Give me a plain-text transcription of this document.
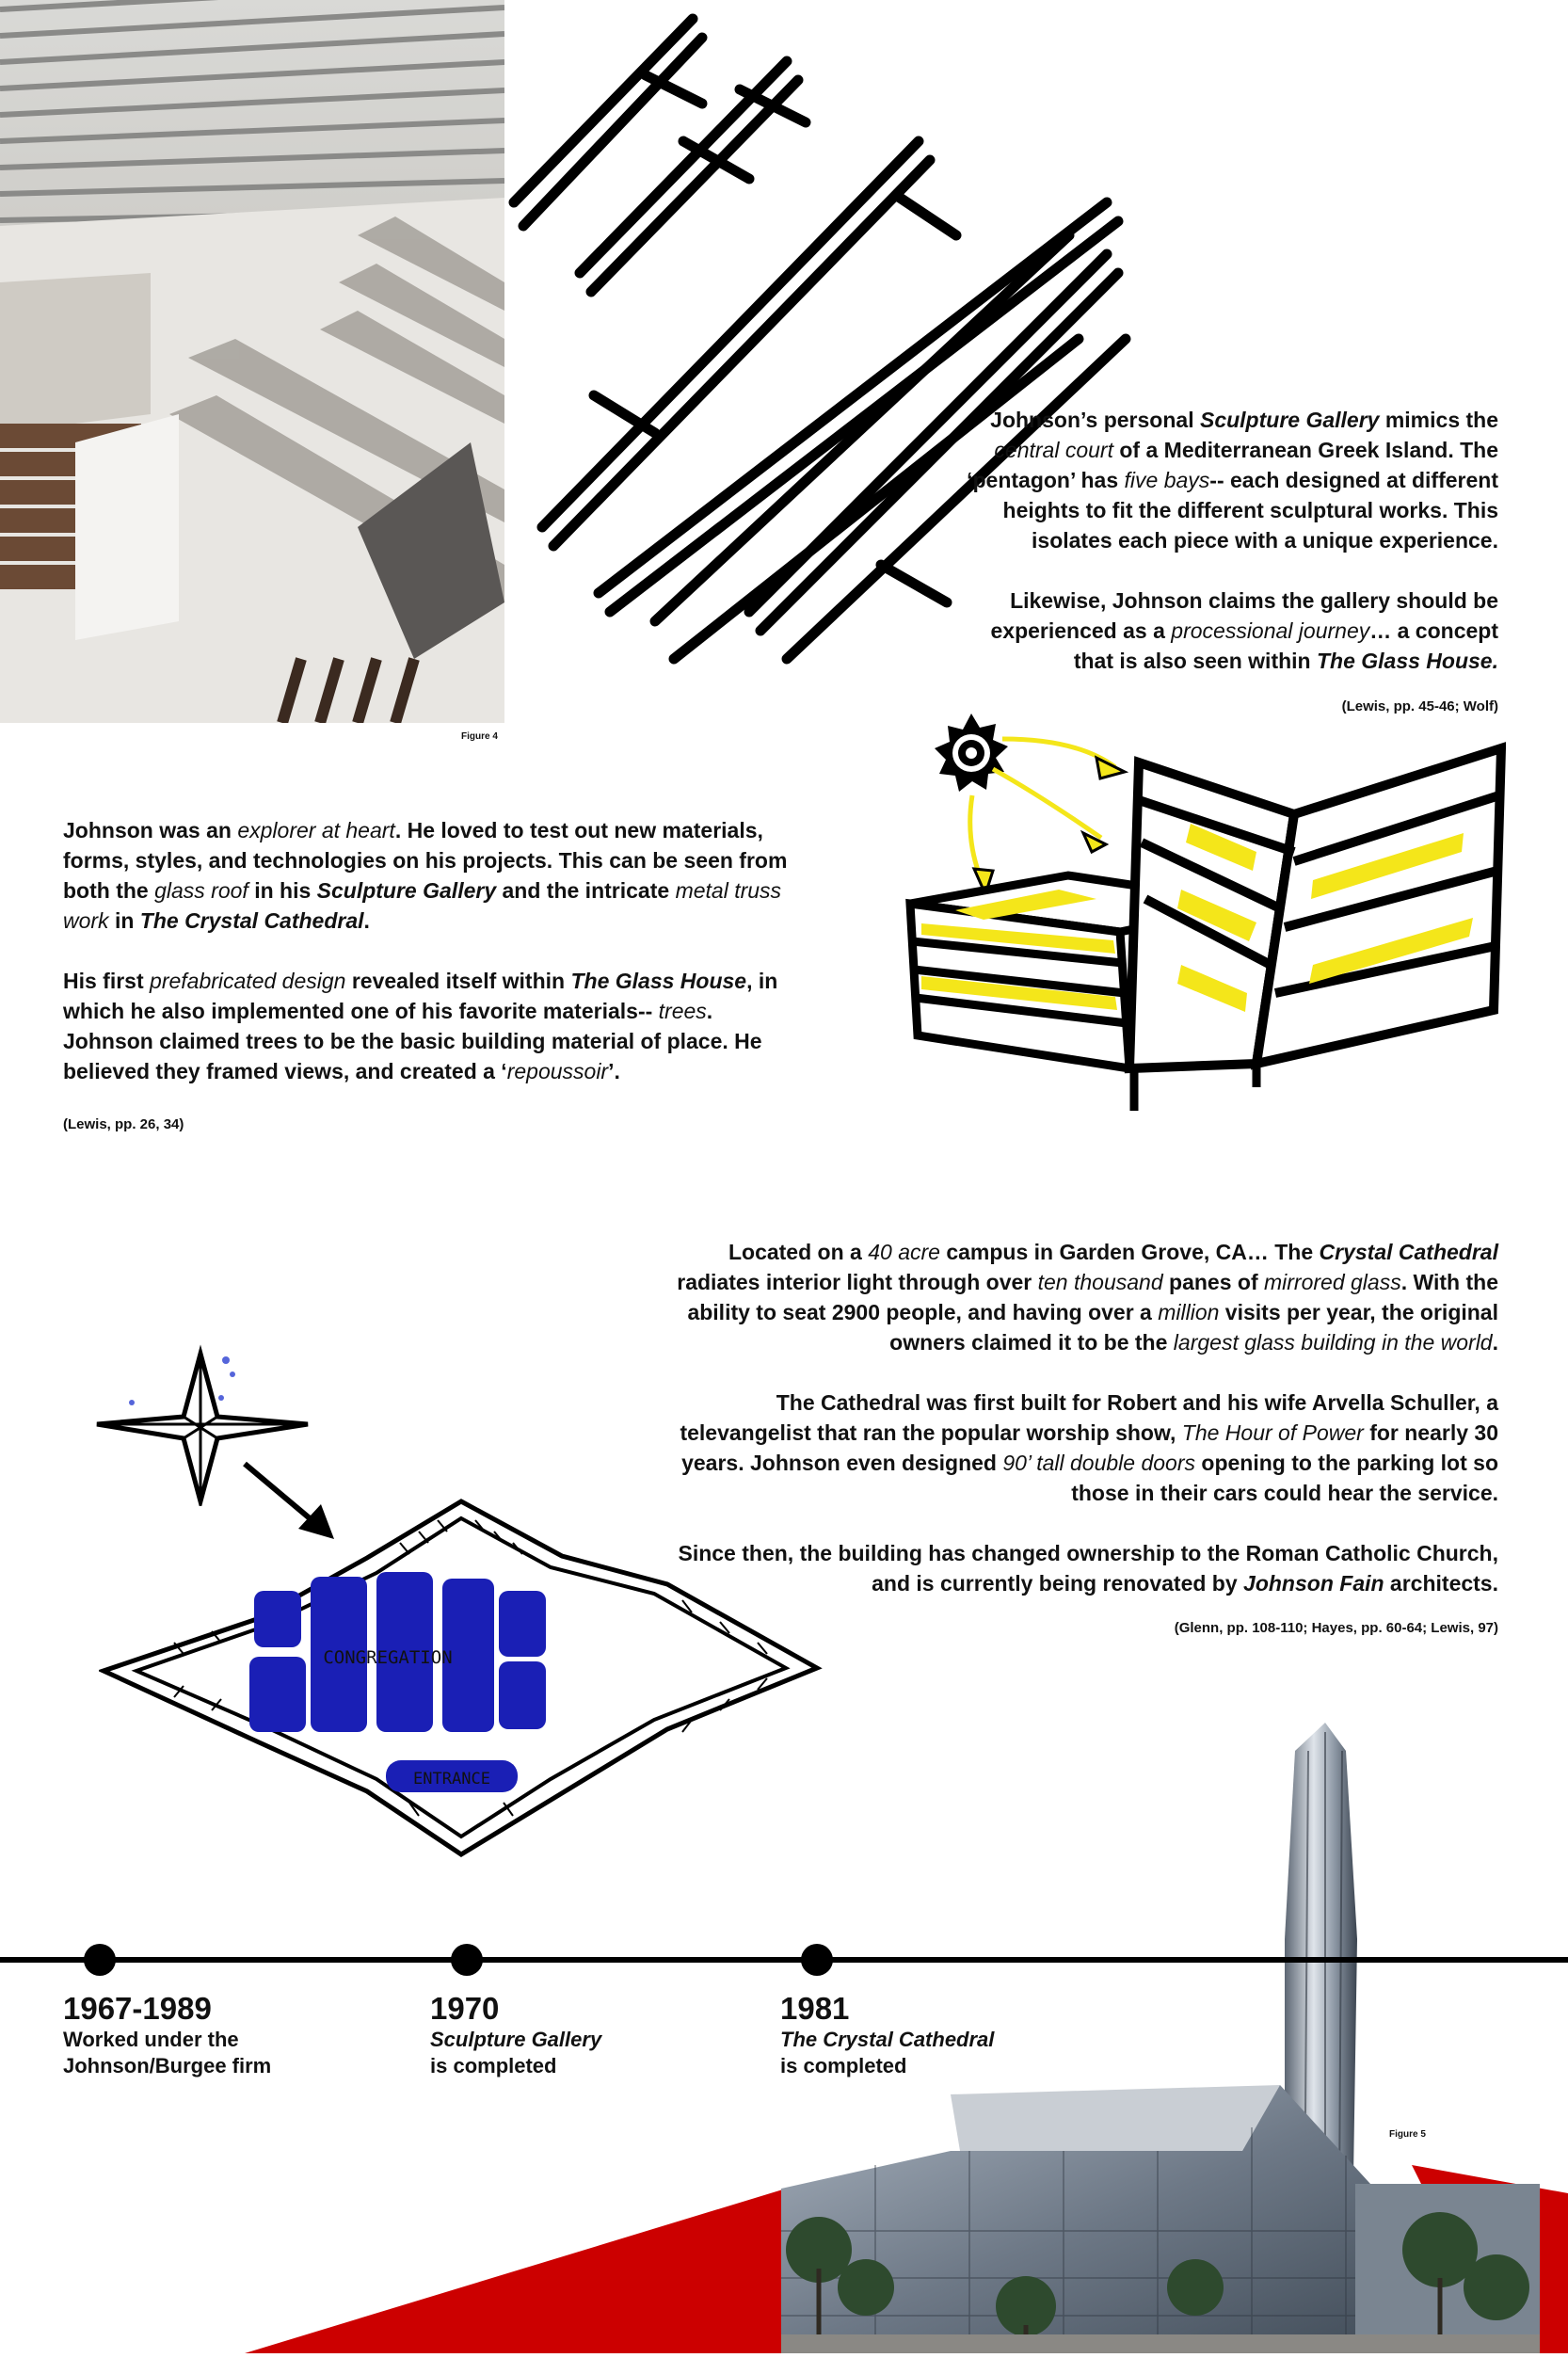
Figure 4

Johnson’s personal Sculpture Gallery mimics the
central court of a Mediterranean Greek Island. The
‘pentagon’ has five bays-- each designed at different
heights to fit the different sculptural works. This
isolates each piece with a unique experience.

Likewise, Johnson claims the gallery should be
experienced as a processional journey… a concept
that is also seen within The Glass House.

(Lewis, pp. 45-46; Wolf)

Johnson was an explorer at heart. He loved to test out new materials,
forms, styles, and technologies on his projects. This can be seen from
both the glass roof in his Sculpture Gallery and the intricate metal truss
work in The Crystal Cathedral.

His first prefabricated design revealed itself within The Glass House, in
which he also implemented one of his favorite materials-- trees.
Johnson claimed trees to be the basic building material of place. He
believed they framed views, and created a ‘repoussoir’.

(Lewis, pp. 26, 34)

Located on a 40 acre campus in Garden Grove, CA… The Crystal Cathedral
radiates interior light through over ten thousand panes of mirrored glass. With the
ability to seat 2900 people, and having over a million visits per year, the original
owners claimed it to be the largest glass building in the world.

The Cathedral was first built for Robert and his wife Arvella Schuller, a
televangelist that ran the popular worship show, The Hour of Power for nearly 30
years. Johnson even designed 90’ tall double doors opening to the parking lot so
those in their cars could hear the service.

Since then, the building has changed ownership to the Roman Catholic Church,
and is currently being renovated by Johnson Fain architects.

(Glenn, pp. 108-110; Hayes, pp. 60-64; Lewis, 97)
CONGREGATION
ENTRANCE
Figure 5
1967-1989
Worked under the
Johnson/Burgee firm
1970
Sculpture Gallery
is completed
1981
The Crystal Cathedral
is completed
